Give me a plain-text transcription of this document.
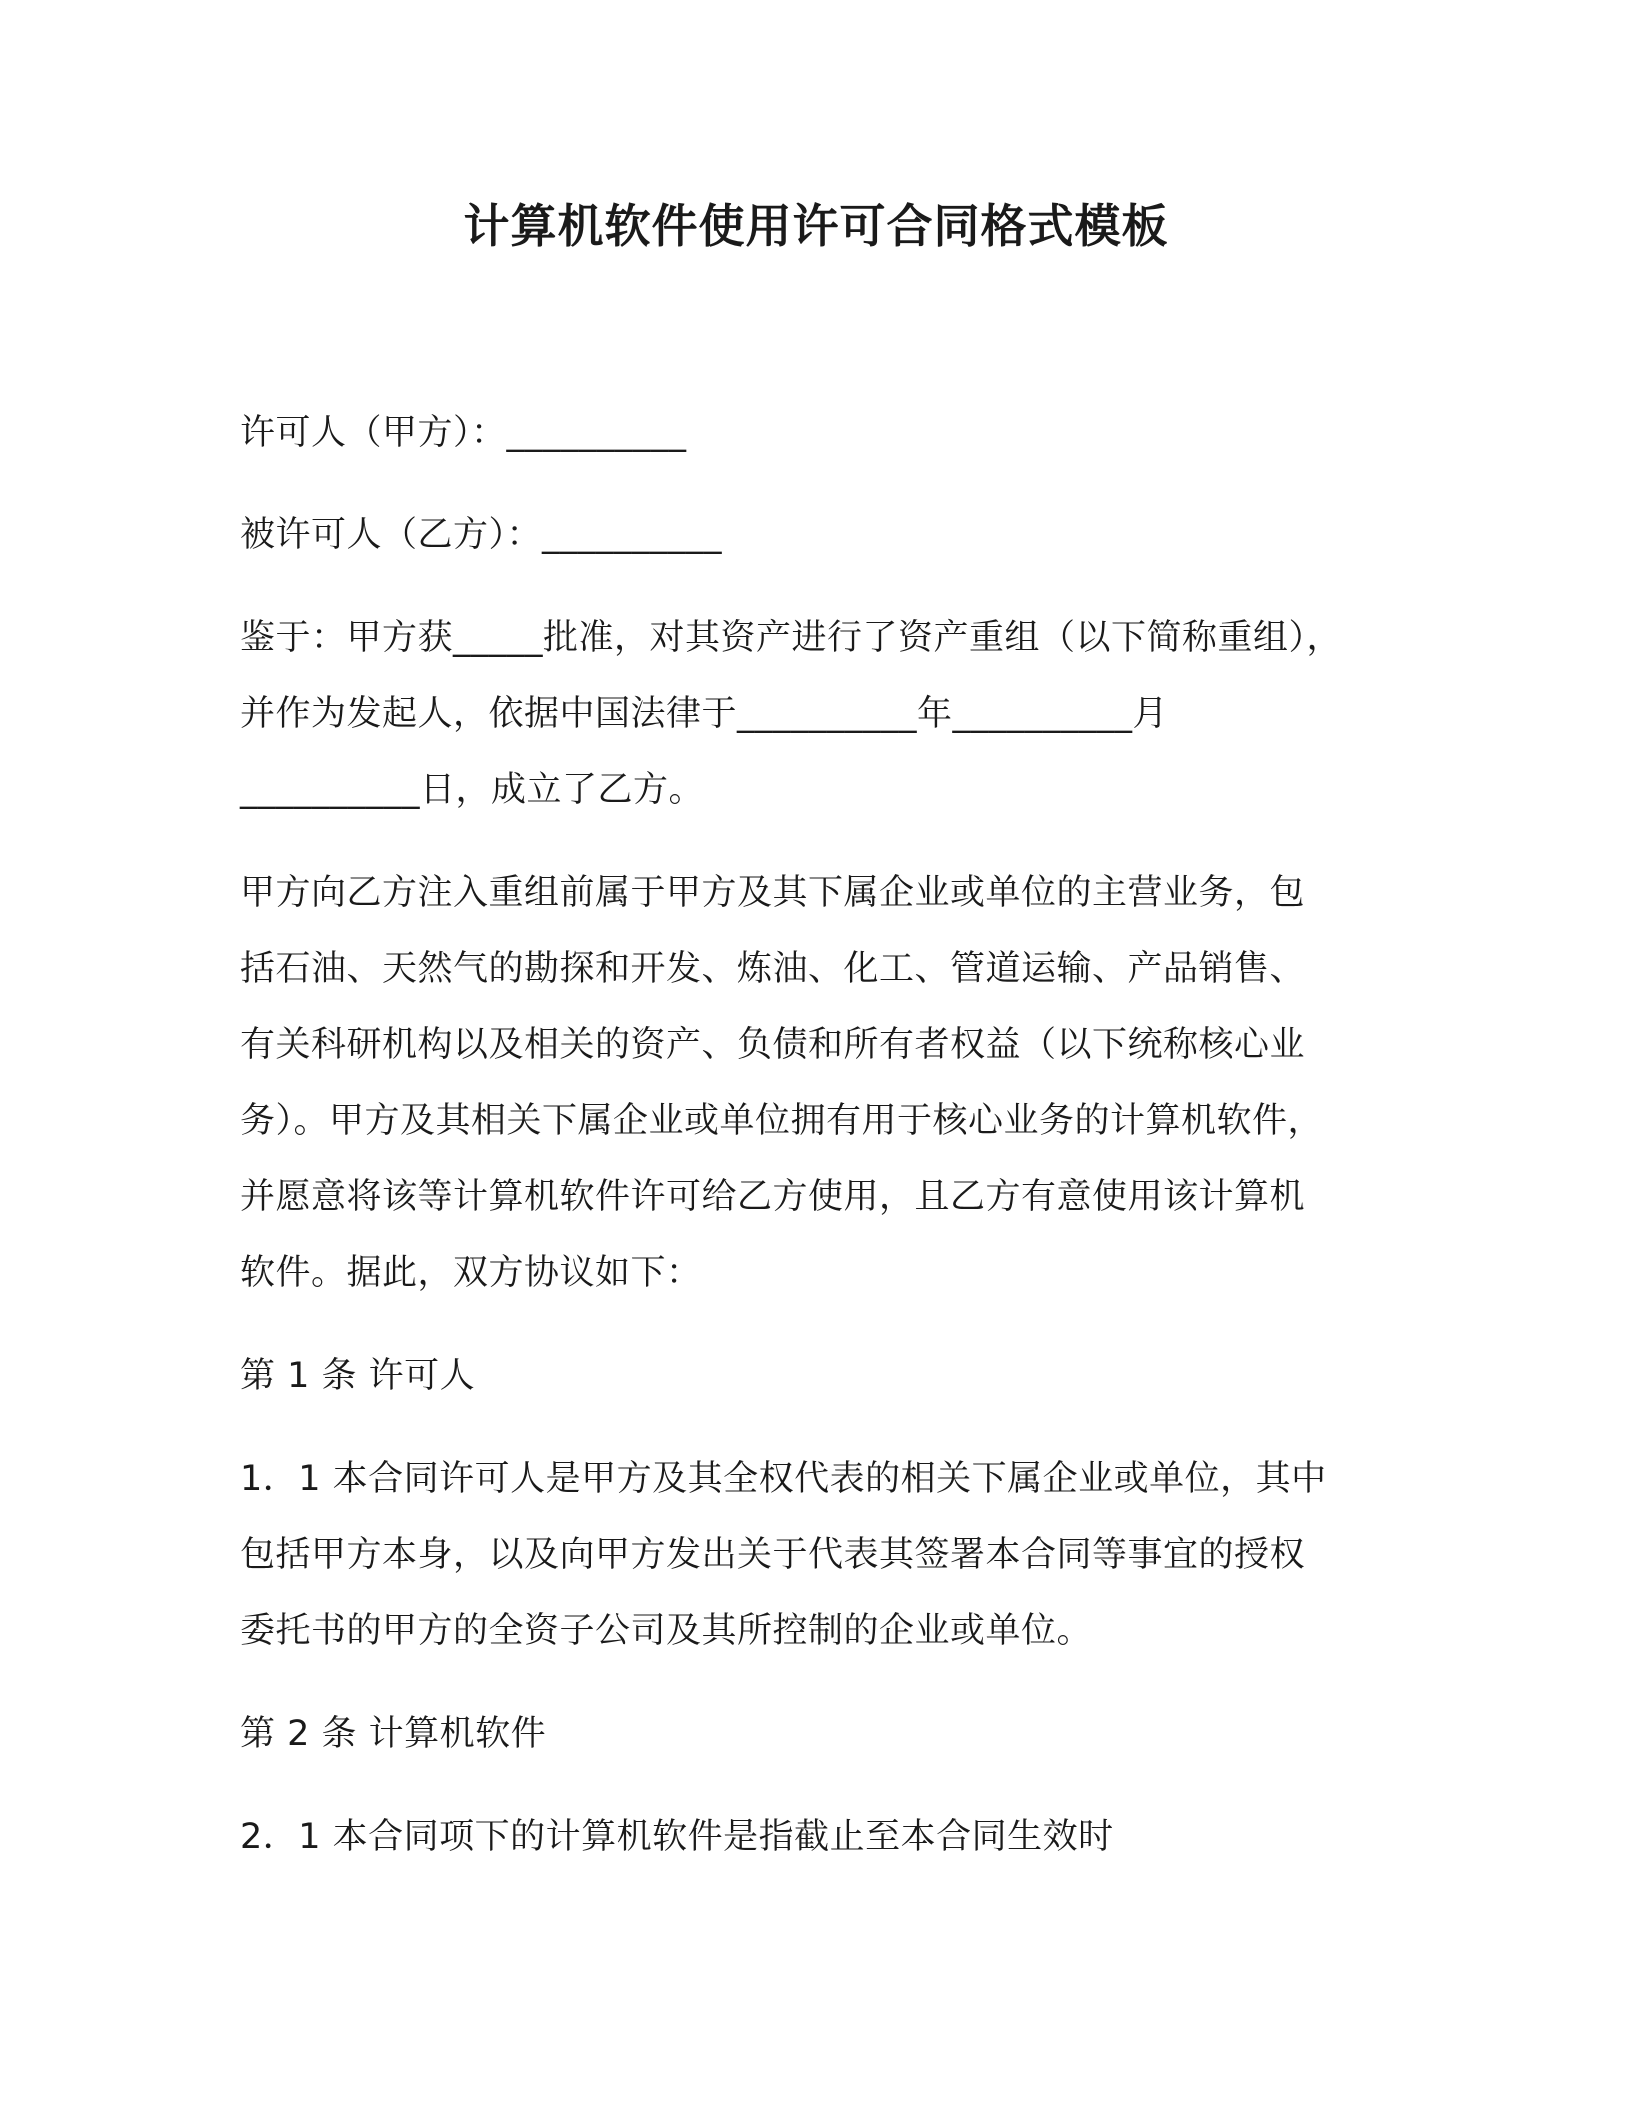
计算机软件使用许可合同格式模板
许可人（甲方）：__________
被许可人（乙方）：__________
鉴于：甲方获_____批准，对其资产进行了资产重组（以下简称重组），
并作为发起人，依据中国法律于__________年__________月
__________日，成立了乙方。
甲方向乙方注入重组前属于甲方及其下属企业或单位的主营业务，包
括石油、天然气的勘探和开发、炼油、化工、管道运输、产品销售、
有关科研机构以及相关的资产、负债和所有者权益（以下统称核心业
务）。甲方及其相关下属企业或单位拥有用于核心业务的计算机软件，
并愿意将该等计算机软件许可给乙方使用，且乙方有意使用该计算机
软件。据此，双方协议如下：
第 1 条 许可人
1．1 本合同许可人是甲方及其全权代表的相关下属企业或单位，其中
包括甲方本身，以及向甲方发出关于代表其签署本合同等事宜的授权
委托书的甲方的全资子公司及其所控制的企业或单位。
第 2 条 计算机软件
2．1 本合同项下的计算机软件是指截止至本合同生效时
